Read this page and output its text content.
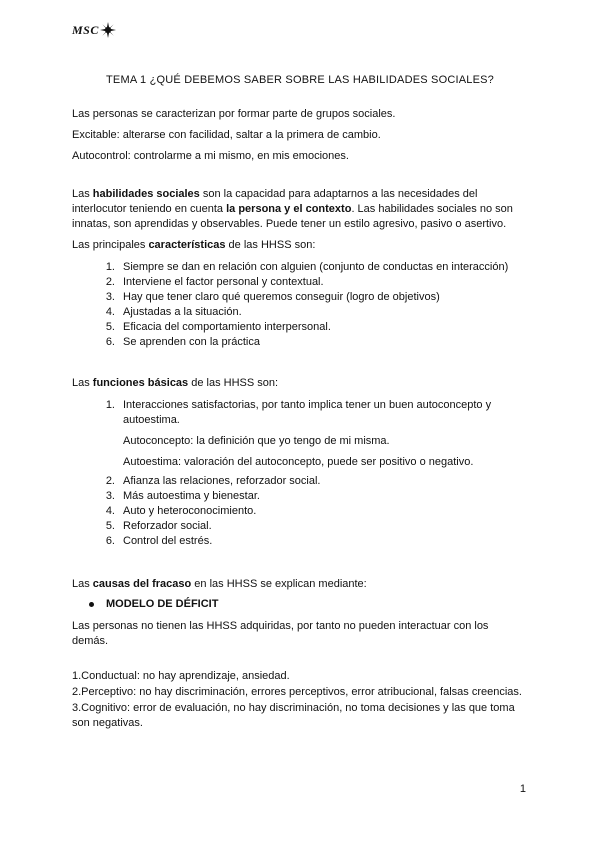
MSC
TEMA 1 ¿QUÉ DEBEMOS SABER SOBRE LAS HABILIDADES SOCIALES?
Las personas se caracterizan por formar parte de grupos sociales.
Excitable: alterarse con facilidad, saltar a la primera de cambio.
Autocontrol: controlarme a mi mismo, en mis emociones.
Las habilidades sociales son la capacidad para adaptarnos a las necesidades del interlocutor teniendo en cuenta la persona y el contexto. Las habilidades sociales no son innatas, son aprendidas y observables. Puede tener un estilo agresivo, pasivo o asertivo.
Las principales características de las HHSS son:
1. Siempre se dan en relación con alguien (conjunto de conductas en interacción)
2. Interviene el factor personal y contextual.
3. Hay que tener claro qué queremos conseguir (logro de objetivos)
4. Ajustadas a la situación.
5. Eficacia del comportamiento interpersonal.
6. Se aprenden con la práctica
Las funciones básicas de las HHSS son:
1. Interacciones satisfactorias, por tanto implica tener un buen autoconcepto y autoestima.
Autoconcepto: la definición que yo tengo de mi misma.
Autoestima: valoración del autoconcepto, puede ser positivo o negativo.
2. Afianza las relaciones, reforzador social.
3. Más autoestima y bienestar.
4. Auto y heteroconocimiento.
5. Reforzador social.
6. Control del estrés.
Las causas del fracaso en las HHSS se explican mediante:
MODELO DE DÉFICIT
Las personas no tienen las HHSS adquiridas, por tanto no pueden interactuar con los demás.
1.Conductual: no hay aprendizaje, ansiedad.
2.Perceptivo: no hay discriminación, errores perceptivos, error atribucional, falsas creencias.
3.Cognitivo: error de evaluación, no hay discriminación, no toma decisiones y las que toma son negativas.
1
